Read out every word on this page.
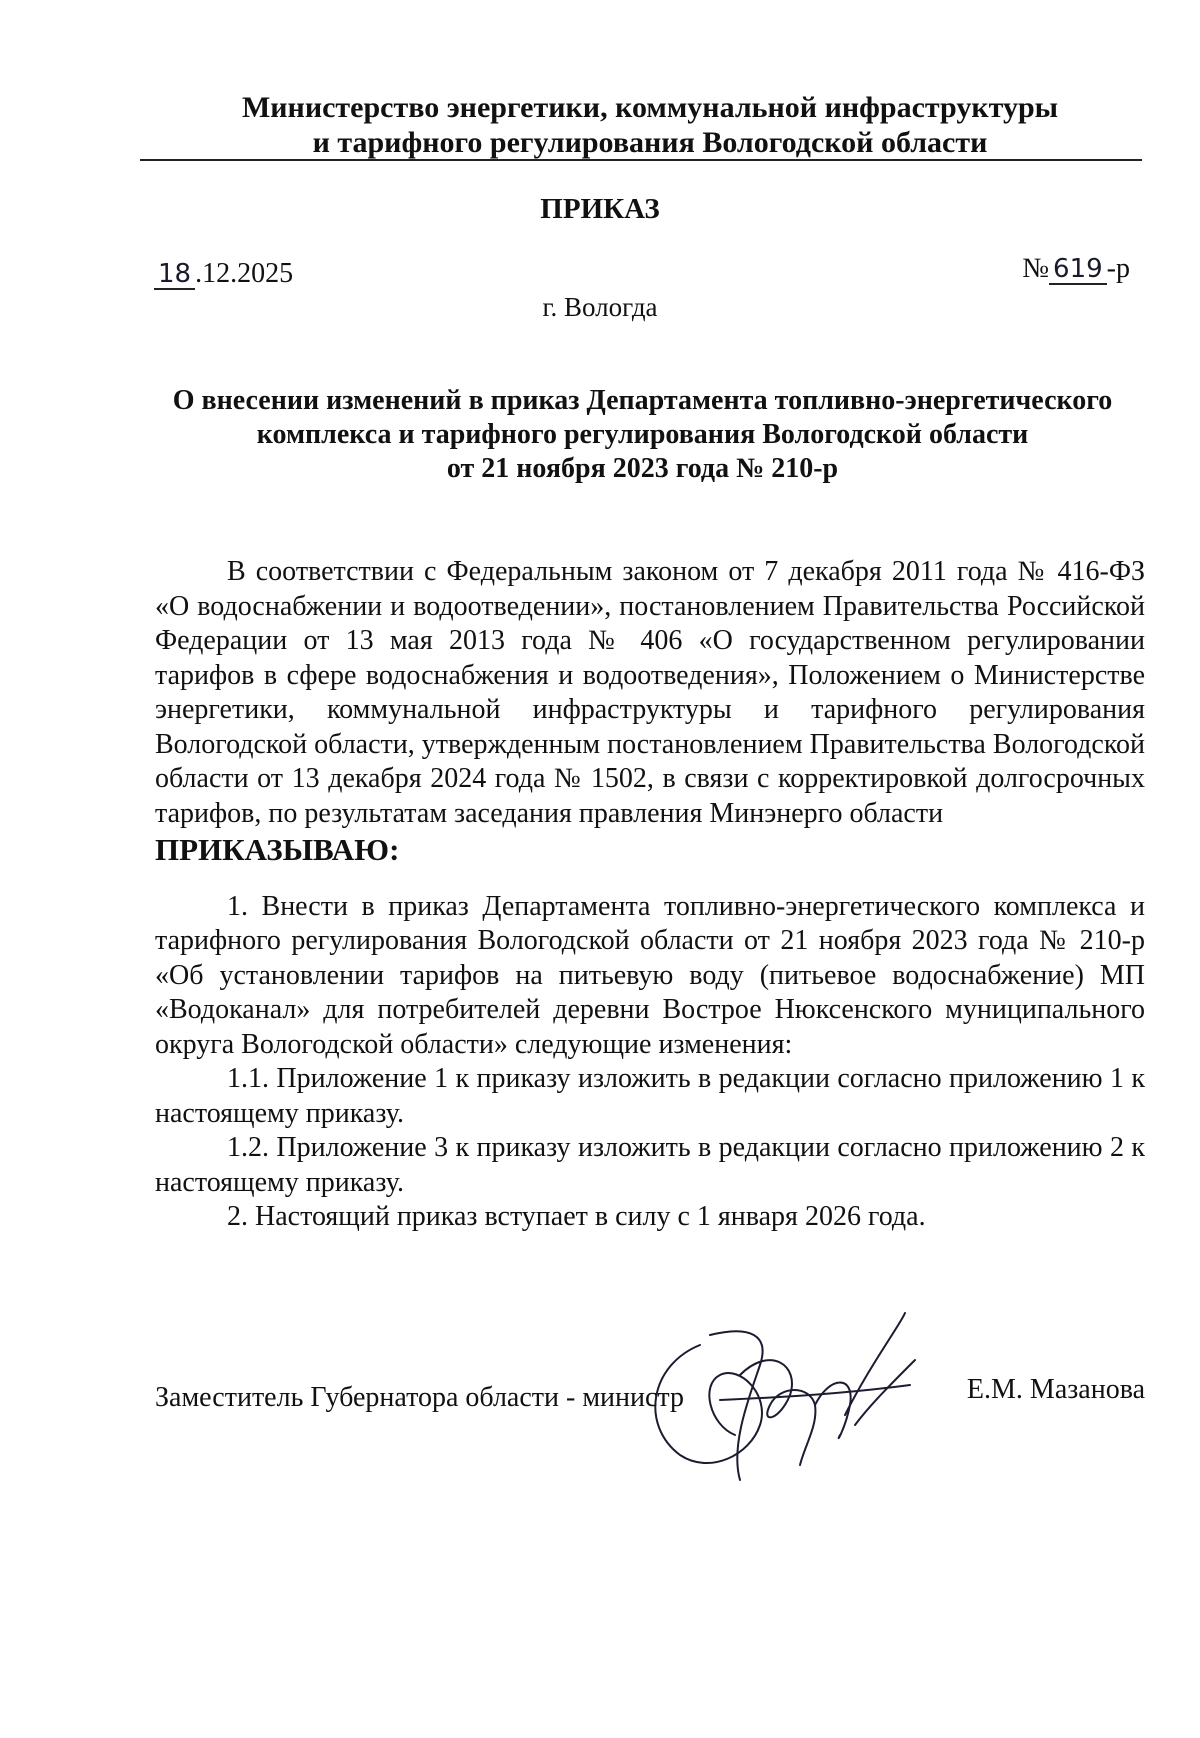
Министерство энергетики, коммунальной инфраструктуры
и тарифного регулирования Вологодской области
ПРИКАЗ
18 .12.2025	№ 619 -р
г. Вологда
О внесении изменений в приказ Департамента топливно-энергетического
комплекса и тарифного регулирования Вологодской области
от 21 ноября 2023 года № 210-р

В соответствии с Федеральным законом от 7 декабря 2011 года № 416-ФЗ «О водоснабжении и водоотведении», постановлением Правительства Российской Федерации от 13 мая 2013 года № 406 «О государственном регулировании тарифов в сфере водоснабжения и водоотведения», Положением о Министерстве энергетики, коммунальной инфраструктуры и тарифного регулирования Вологодской области, утвержденным постановлением Правительства Вологодской области от 13 декабря 2024 года № 1502, в связи с корректировкой долгосрочных тарифов, по результатам заседания правления Минэнерго области

ПРИКАЗЫВАЮ:

1. Внести в приказ Департамента топливно-энергетического комплекса и тарифного регулирования Вологодской области от 21 ноября 2023 года № 210-р «Об установлении тарифов на питьевую воду (питьевое водоснабжение) МП «Водоканал» для потребителей деревни Вострое Нюксенского муниципального округа Вологодской области» следующие изменения:

1.1. Приложение 1 к приказу изложить в редакции согласно приложению 1 к настоящему приказу.

1.2. Приложение 3 к приказу изложить в редакции согласно приложению 2 к настоящему приказу.

2. Настоящий приказ вступает в силу с 1 января 2026 года.

Заместитель Губернатора области - министр	Е.М. Мазанова
